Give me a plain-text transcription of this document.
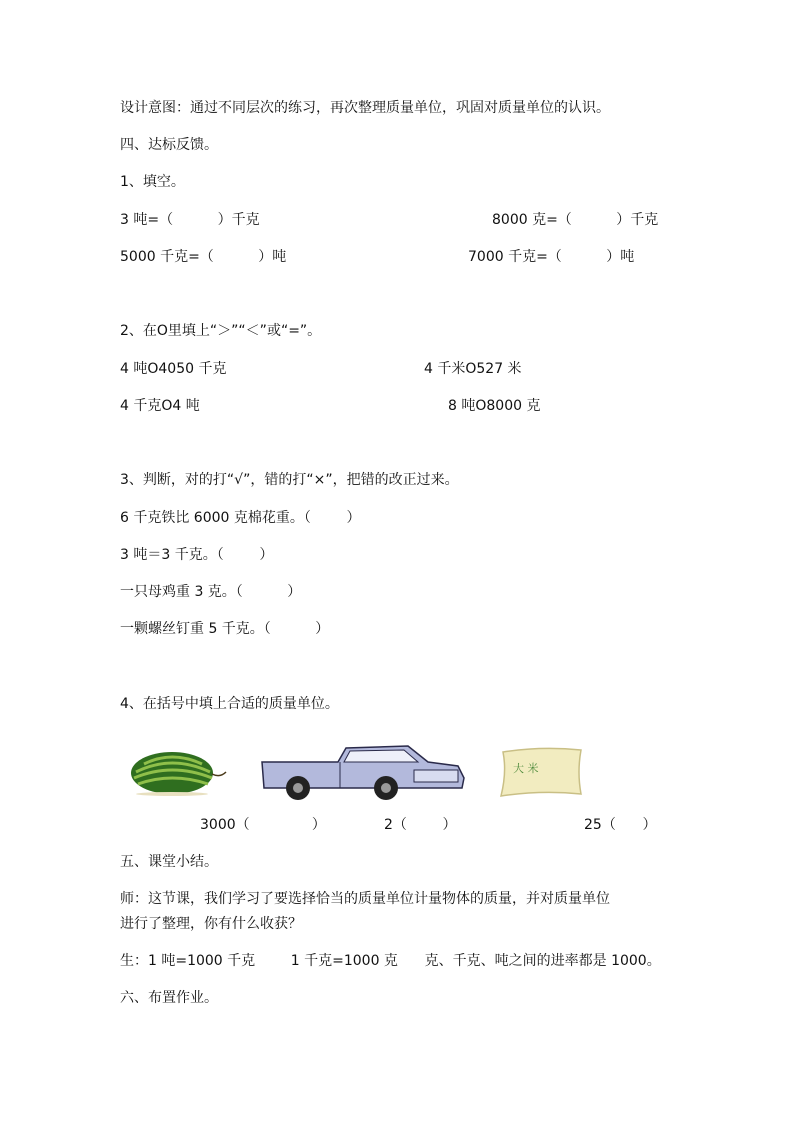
设计意图：通过不同层次的练习，再次整理质量单位，巩固对质量单位的认识。
四、达标反馈。
1、填空。
3 吨=（          ）千克	8000 克=（          ）千克
5000 千克=（          ）吨	7000 千克=（          ）吨
2、在O里填上“＞”“＜”或“=”。
4 吨O4050 千克	4 千米O527 米
4 千克O4 吨	8 吨O8000 克
3、判断，对的打“√”，错的打“×”，把错的改正过来。
6 千克铁比 6000 克棉花重。（        ）
3 吨＝3 千克。（        ）
一只母鸡重 3 克。（          ）
一颗螺丝钉重 5 千克。（          ）
4、在括号中填上合适的质量单位。
大 米
3000（              ）	2（        ）	25（      ）
五、课堂小结。
师：这节课，我们学习了要选择恰当的质量单位计量物体的质量，并对质量单位
进行了整理，你有什么收获？
生：1 吨=1000 千克        1 千克=1000 克      克、千克、吨之间的进率都是 1000。
六、布置作业。
